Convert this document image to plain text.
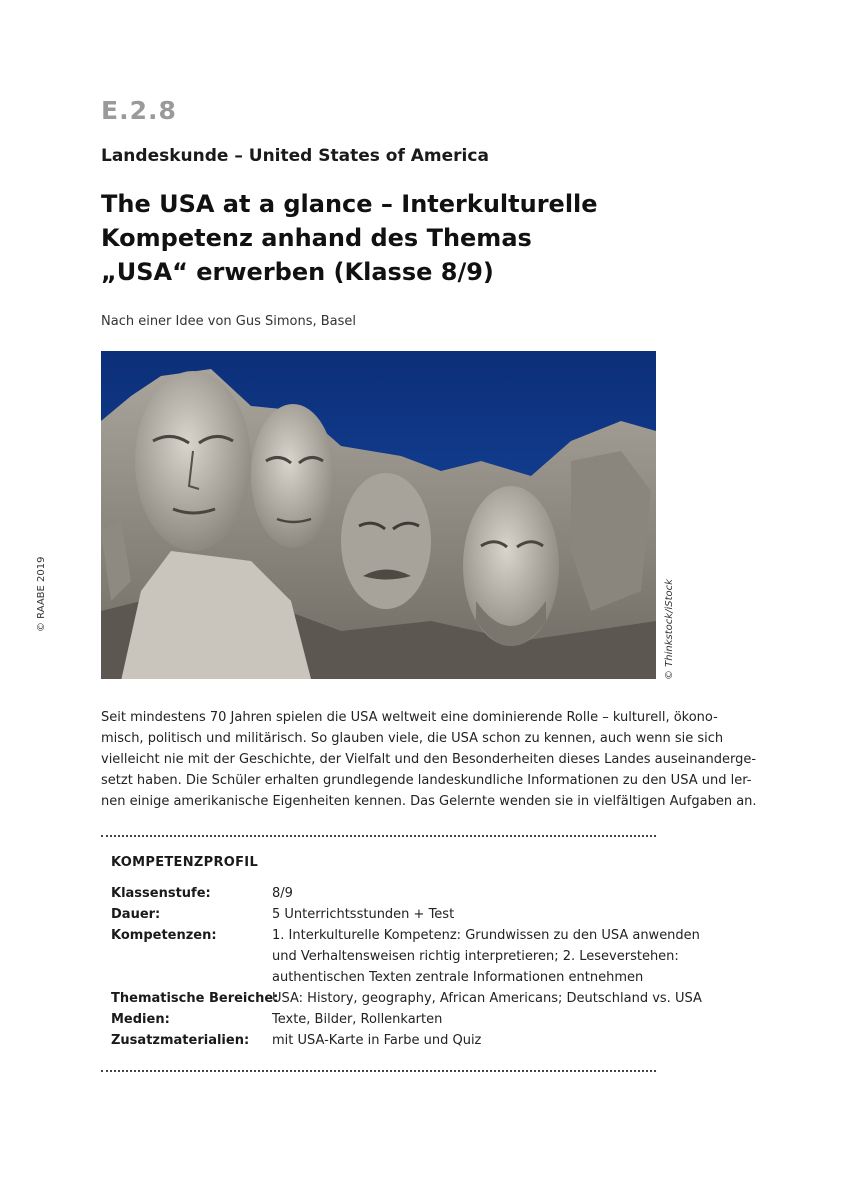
E.2.8
Landeskunde – United States of America
The USA at a glance – Interkulturelle
Kompetenz anhand des Themas
„USA“ erwerben (Klasse 8/9)
Nach einer Idee von Gus Simons, Basel
© Thinkstock/iStock
© RAABE 2019
Seit mindestens 70 Jahren spielen die USA weltweit eine dominierende Rolle – kulturell, ökono-
misch, politisch und militärisch. So glauben viele, die USA schon zu kennen, auch wenn sie sich
vielleicht nie mit der Geschichte, der Vielfalt und den Besonderheiten dieses Landes auseinanderge-
setzt haben. Die Schüler erhalten grundlegende landeskundliche Informationen zu den USA und ler-
nen einige amerikanische Eigenheiten kennen. Das Gelernte wenden sie in vielfältigen Aufgaben an.
KOMPETENZPROFIL
Klassenstufe:	8/9
Dauer:	5 Unterrichtsstunden + Test
Kompetenzen:	1. Interkulturelle Kompetenz: Grundwissen zu den USA anwenden
und Verhaltensweisen richtig interpretieren; 2. Leseverstehen:
authentischen Texten zentrale Informationen entnehmen
Thematische Bereiche:
USA: History, geography, African Americans; Deutschland vs. USA
Medien:	Texte, Bilder, Rollenkarten
Zusatzmaterialien:	mit USA-Karte in Farbe und Quiz
